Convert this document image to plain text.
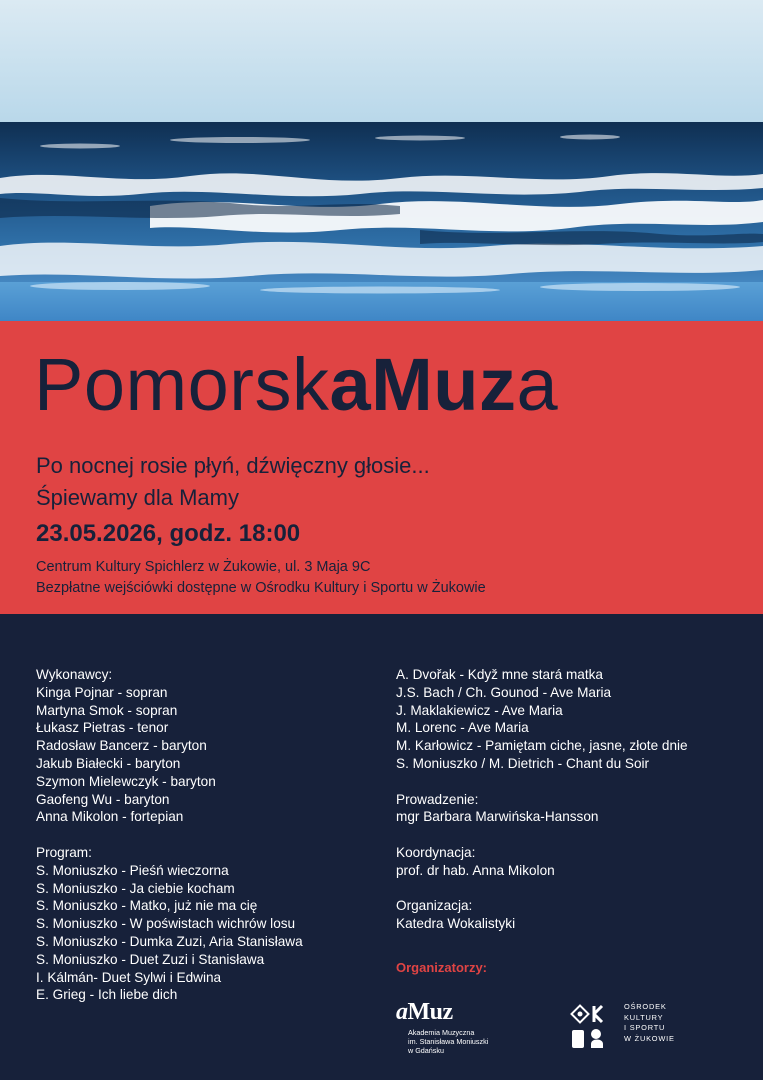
PomorskaMuza
Po nocnej rosie płyń, dźwięczny głosie...
Śpiewamy dla Mamy
23.05.2026, godz. 18:00
Centrum Kultury Spichlerz w Żukowie, ul. 3 Maja 9C
Bezpłatne wejściówki dostępne w Ośrodku Kultury i Sportu w Żukowie
Wykonawcy:
Kinga Pojnar - sopran
Martyna Smok - sopran
Łukasz Pietras - tenor
Radosław Bancerz - baryton
Jakub Białecki - baryton
Szymon Mielewczyk - baryton
Gaofeng Wu - baryton
Anna Mikolon - fortepian
Program:
S. Moniuszko - Pieśń wieczorna
S. Moniuszko - Ja ciebie kocham
S. Moniuszko - Matko, już nie ma cię
S. Moniuszko - W poświstach wichrów losu
S. Moniuszko - Dumka Zuzi, Aria Stanisława
S. Moniuszko - Duet Zuzi i Stanisława
I. Kálmán- Duet Sylwi i Edwina
E. Grieg - Ich liebe dich
A. Dvořak - Když mne stará matka
J.S. Bach / Ch. Gounod - Ave Maria
J. Maklakiewicz - Ave Maria
M. Lorenc - Ave Maria
M. Karłowicz - Pamiętam ciche, jasne, złote dnie
S. Moniuszko / M. Dietrich - Chant du Soir
Prowadzenie:
mgr Barbara Marwińska-Hansson
Koordynacja:
prof. dr hab. Anna Mikolon
Organizacja:
Katedra Wokalistyki
Organizatorzy:
aMuz
Akademia Muzyczna
im. Stanisława Moniuszki
w Gdańsku
OŚRODEK
KULTURY
I SPORTU
W ŻUKOWIE
